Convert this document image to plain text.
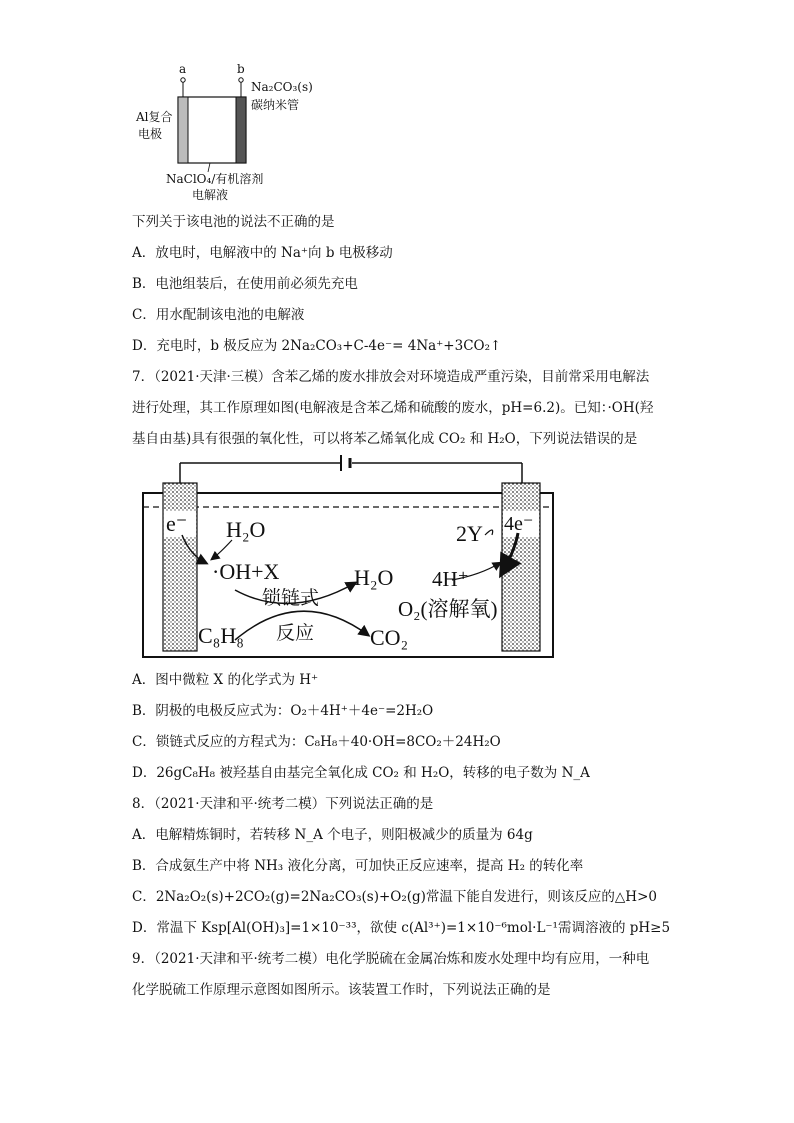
a	b
Al复合
电极
Na₂CO₃(s)
碳纳米管
NaClO₄/有机溶剂
电解液
下列关于该电池的说法不正确的是
A．放电时，电解液中的 Na⁺向 b 电极移动
B．电池组装后，在使用前必须先充电
C．用水配制该电池的电解液
D．充电时，b 极反应为 2Na₂CO₃+C-4e⁻= 4Na⁺+3CO₂↑
7．（2021·天津·三模）含苯乙烯的废水排放会对环境造成严重污染，目前常采用电解法
进行处理，其工作原理如图(电解液是含苯乙烯和硫酸的废水，pH=6.2)。已知：·OH(羟
基自由基)具有很强的氧化性，可以将苯乙烯氧化成 CO₂ 和 H₂O，下列说法错误的是
e⁻	4e⁻
H₂O
·OH+X
锁链式
反应
H₂O
C₈H₈	CO₂
2Y
4H⁺
O₂(溶解氧)
A．图中微粒 X 的化学式为 H⁺
B．阴极的电极反应式为：O₂＋4H⁺＋4e⁻=2H₂O
C．锁链式反应的方程式为：C₈H₈＋40·OH=8CO₂＋24H₂O
D．26gC₈H₈ 被羟基自由基完全氧化成 CO₂ 和 H₂O，转移的电子数为 N_A
8．（2021·天津和平·统考二模）下列说法正确的是
A．电解精炼铜时，若转移 N_A 个电子，则阳极减少的质量为 64g
B．合成氨生产中将 NH₃ 液化分离，可加快正反应速率，提高 H₂ 的转化率
C．2Na₂O₂(s)+2CO₂(g)=2Na₂CO₃(s)+O₂(g)常温下能自发进行，则该反应的△H>0
D．常温下 Ksp[Al(OH)₃]=1×10⁻³³，欲使 c(Al³⁺)=1×10⁻⁶mol·L⁻¹需调溶液的 pH≥5
9．（2021·天津和平·统考二模）电化学脱硫在金属冶炼和废水处理中均有应用，一种电
化学脱硫工作原理示意图如图所示。该装置工作时，下列说法正确的是
